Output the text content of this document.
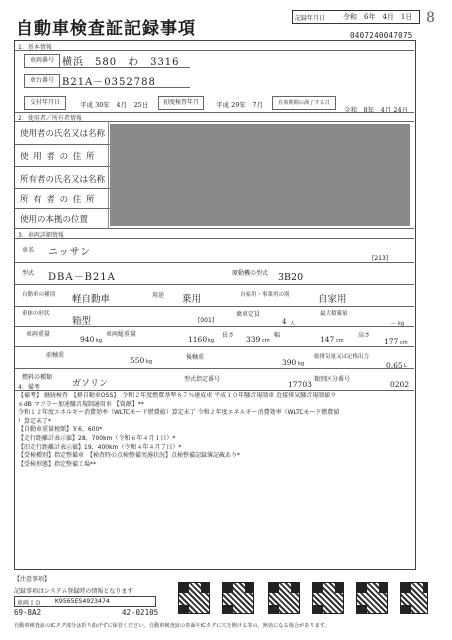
自動車検査証記録事項
記録年月日	令和　6年　4月　1日 8
0407240047075
1．基本情報
車両番号 横浜　580　わ　3316
車台番号 B21A－0352788
交付年月日	平成 30年　4月　25日	初度検査年月	平成 29年　7月	有効期間の満了する日
令和　8年　4月 24日
2．使用者／所有者情報
使用者の氏名又は名称
使 用 者 の 住 所
所有者の氏名又は名称
所 有 者 の 住 所
使用の本拠の位置
3．車両詳細情報
車名 ニッサン
[213]
型式 DBA－B21A	原動機の型式 3B20
自動車の種別 軽自動車	用途 乗用	自家用・事業用の別	自家用
車体の形状
箱型	[001]
乗車定員
4 人
最大積載量
－ kg
車両重量
940 kg
車両総重量
1160 kg
長さ 339 cm
幅	147 cm
高さ
177 cm
前軸重
550 kg
後軸重
390 kg
総排気量又は定格出力
0.65 L
燃料の種類
ガソリン	型式指定番号
17703
類別区分番号
0202
4．備考
【備考】 継続検査　【軽自動車OSS】　令和２年度燃費基準８７％達成車 平成１０年騒音規制車 近接排気騒音規制値９
６dB マフラー加速騒音規制適用車 【資源】**
令和１２年度エネルギー消費効率（WLTCモード燃費値）算定未了 令和２年度エネルギー消費効率（WLTCモード燃費値
）算定未了*
【自動車重量税額】￥6，600*
【走行距離計表示値】28，700km（令和６年４月１日）*
【旧走行距離計表示値】19，400km（令和４年４月７日）*
【受検種別】指定整備車　【検査時の点検整備実施状況】点検整備記録簿記載あり*
【受検形態】指定整備工場**
【注意事項】
記録事項はシステム登録時の情報となります
車両ＩＤ K9565ES4923474
69-8A2	42-02105
自動車検査証のICタグ部分は折り曲げずに保管ください。自動車検査証の券面やICタグに穴を開ける等の、無効になる場合があります。
